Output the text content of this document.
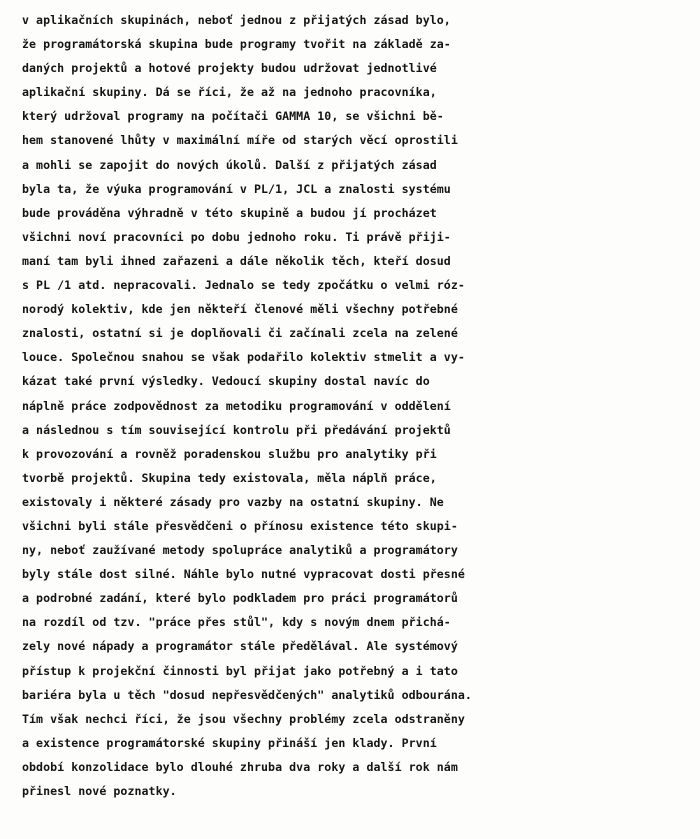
v aplikačních skupinách, neboť jednou z přijatých zásad bylo,
že programátorská skupina bude programy tvořit na základě za-
daných projektů a hotové projekty budou udržovat jednotlivé
aplikační skupiny. Dá se říci, že až na jednoho pracovníka,
který udržoval programy na počítači GAMMA 10, se všichni bě-
hem stanovené lhůty v maximální míře od starých věcí oprostili
a mohli se zapojit do nových úkolů. Další z přijatých zásad
byla ta, že výuka programování v PL/1, JCL a znalosti systému
bude prováděna výhradně v této skupině a budou jí procházet
všichni noví pracovníci po dobu jednoho roku. Ti právě přiji-
maní tam byli ihned zařazeni a dále několik těch, kteří dosud
s PL /1 atd. nepracovali. Jednalo se tedy zpočátku o velmi róz-
norodý kolektiv, kde jen někteří členové měli všechny potřebné
znalosti, ostatní si je doplňovali či začínali zcela na zelené
louce. Společnou snahou se však podařilo kolektiv stmelit a vy-
kázat také první výsledky. Vedoucí skupiny dostal navíc do
náplně práce zodpovědnost za metodiku programování v oddělení
a následnou s tím související kontrolu při předávání projektů
k provozování a rovněž poradenskou službu pro analytiky při
tvorbě projektů. Skupina tedy existovala, měla náplň práce,
existovaly i některé zásady pro vazby na ostatní skupiny. Ne
všichni byli stále přesvědčeni o přínosu existence této skupi-
ny, neboť zaužívané metody spolupráce analytiků a programátory
byly stále dost silné. Náhle bylo nutné vypracovat dosti přesné
a podrobné zadání, které bylo podkladem pro práci programátorů
na rozdíl od tzv. "práce přes stůl", kdy s novým dnem přichá-
zely nové nápady a programátor stále předělával. Ale systémový
přístup k projekční činnosti byl přijat jako potřebný a i tato
bariéra byla u těch "dosud nepřesvědčených" analytiků odbourána.
Tím však nechci říci, že jsou všechny problémy zcela odstraněny
a existence programátorské skupiny přináší jen klady. První
období konzolidace bylo dlouhé zhruba dva roky a další rok nám
přinesl nové poznatky.
